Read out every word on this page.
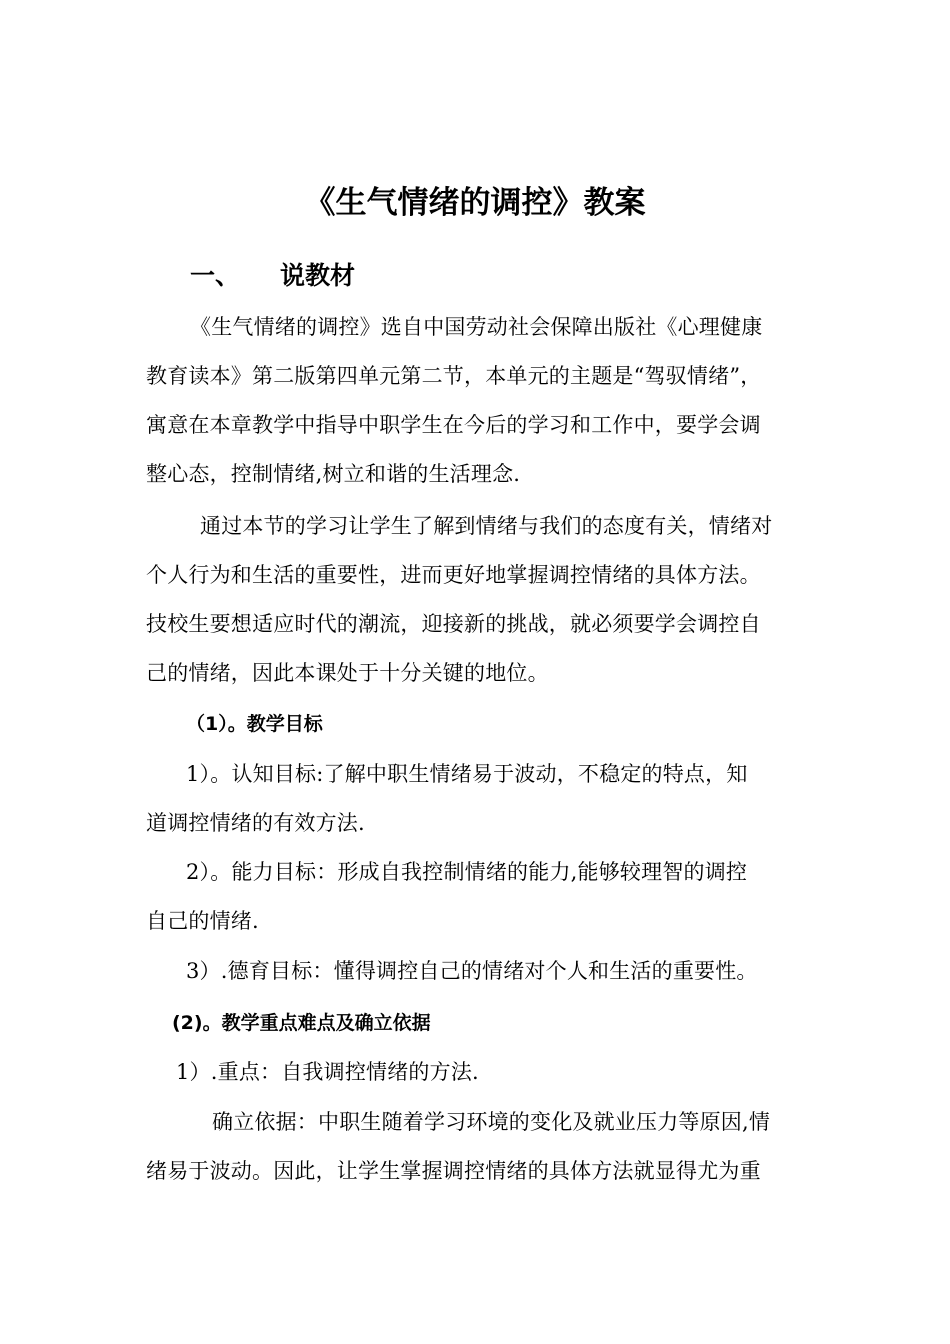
《生气情绪的调控》教案
一、 说教材
《生气情绪的调控》选自中国劳动社会保障出版社《心理健康
教育读本》第二版第四单元第二节，本单元的主题是“驾驭情绪”，
寓意在本章教学中指导中职学生在今后的学习和工作中，要学会调
整心态，控制情绪,树立和谐的生活理念.
通过本节的学习让学生了解到情绪与我们的态度有关，情绪对
个人行为和生活的重要性，进而更好地掌握调控情绪的具体方法。
技校生要想适应时代的潮流，迎接新的挑战，就必须要学会调控自
己的情绪，因此本课处于十分关键的地位。
（1）。教学目标
1）。认知目标:了解中职生情绪易于波动，不稳定的特点，知
道调控情绪的有效方法.
2）。能力目标：形成自我控制情绪的能力,能够较理智的调控
自己的情绪.
3）.德育目标：懂得调控自己的情绪对个人和生活的重要性。
(2)。教学重点难点及确立依据
1）.重点：自我调控情绪的方法.
确立依据：中职生随着学习环境的变化及就业压力等原因,情
绪易于波动。因此，让学生掌握调控情绪的具体方法就显得尤为重
